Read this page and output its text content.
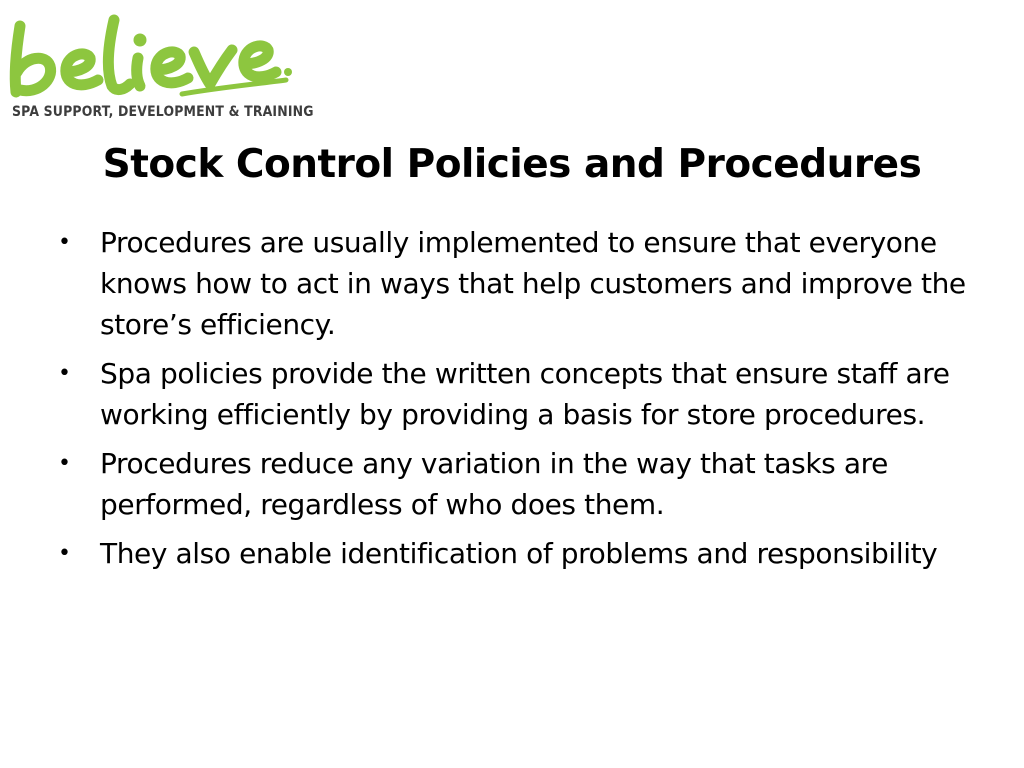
SPA SUPPORT, DEVELOPMENT & TRAINING
Stock Control Policies and Procedures
• Procedures are usually implemented to ensure that everyone knows how to act in ways that help customers and improve the store’s efficiency.
• Spa policies provide the written concepts that ensure staff are working efficiently by providing a basis for store procedures.
• Procedures reduce any variation in the way that tasks are performed, regardless of who does them.
• They also enable identification of problems and responsibility
